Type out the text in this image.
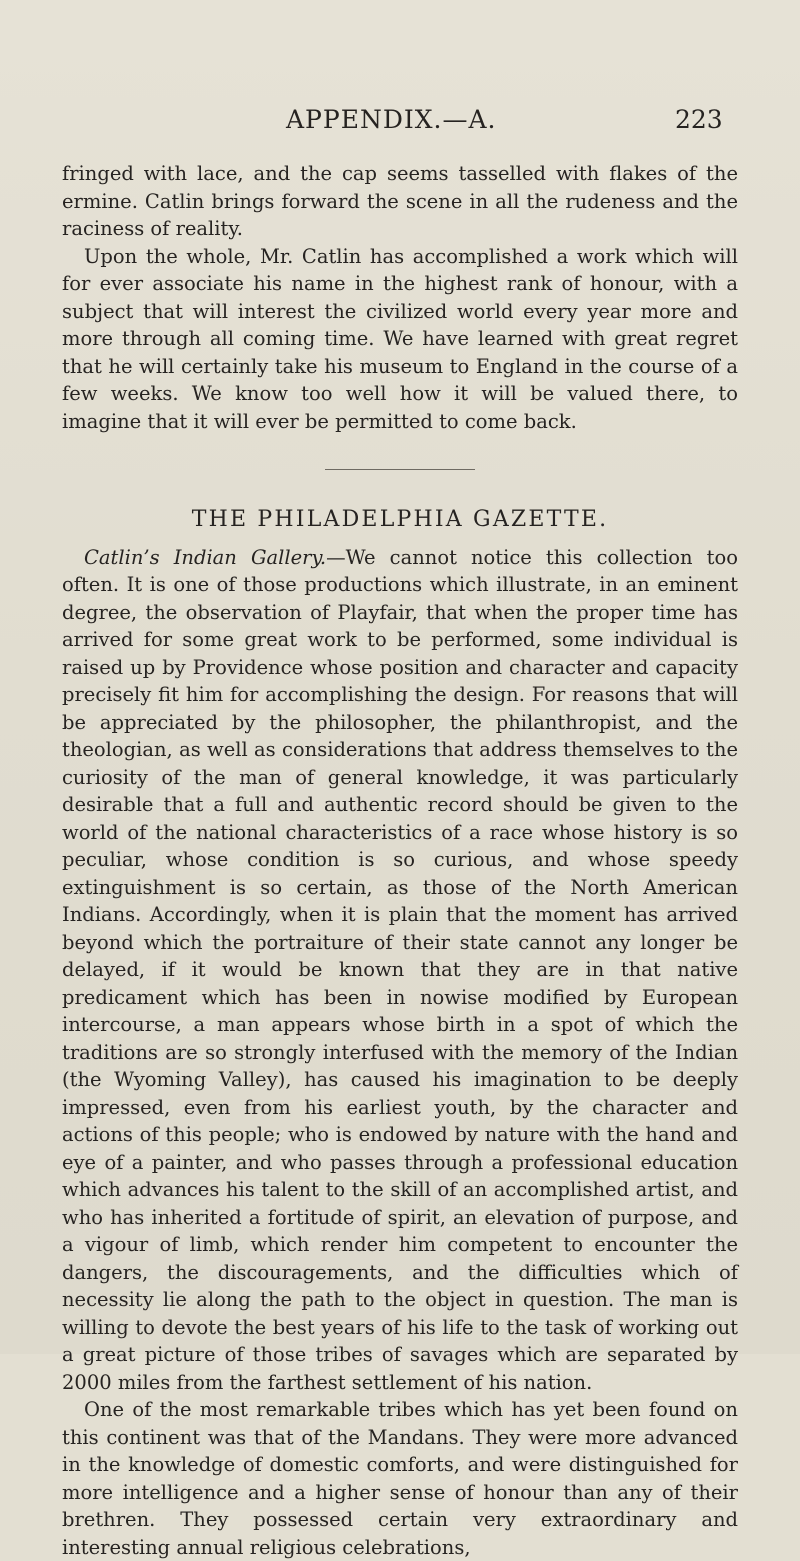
APPENDIX.—A.	223

fringed with lace, and the cap seems tasselled with flakes of the ermine. Catlin brings forward the scene in all the rudeness and the raciness of reality.

Upon the whole, Mr. Catlin has accomplished a work which will for ever associate his name in the highest rank of honour, with a subject that will interest the civilized world every year more and more through all coming time. We have learned with great regret that he will certainly take his museum to England in the course of a few weeks. We know too well how it will be valued there, to imagine that it will ever be permitted to come back.

THE PHILADELPHIA GAZETTE.

Catlin’s Indian Gallery.—We cannot notice this collection too often. It is one of those productions which illustrate, in an eminent degree, the observation of Playfair, that when the proper time has arrived for some great work to be performed, some individual is raised up by Providence whose position and character and capacity precisely fit him for accomplishing the design. For reasons that will be appreciated by the philosopher, the philanthropist, and the theologian, as well as considerations that address themselves to the curiosity of the man of general knowledge, it was particularly desirable that a full and authentic record should be given to the world of the national characteristics of a race whose history is so peculiar, whose condition is so curious, and whose speedy extinguishment is so certain, as those of the North American Indians. Accordingly, when it is plain that the moment has arrived beyond which the portraiture of their state cannot any longer be delayed, if it would be known that they are in that native predicament which has been in nowise modified by European intercourse, a man appears whose birth in a spot of which the traditions are so strongly interfused with the memory of the Indian (the Wyoming Valley), has caused his imagination to be deeply impressed, even from his earliest youth, by the character and actions of this people; who is endowed by nature with the hand and eye of a painter, and who passes through a professional education which advances his talent to the skill of an accomplished artist, and who has inherited a fortitude of spirit, an elevation of purpose, and a vigour of limb, which render him competent to encounter the dangers, the discouragements, and the difficulties which of necessity lie along the path to the object in question. The man is willing to devote the best years of his life to the task of working out a great picture of those tribes of savages which are separated by 2000 miles from the farthest settlement of his nation.

One of the most remarkable tribes which has yet been found on this continent was that of the Mandans. They were more advanced in the knowledge of domestic comforts, and were distinguished for more intelligence and a higher sense of honour than any of their brethren. They possessed certain very extraordinary and interesting annual religious celebrations,
